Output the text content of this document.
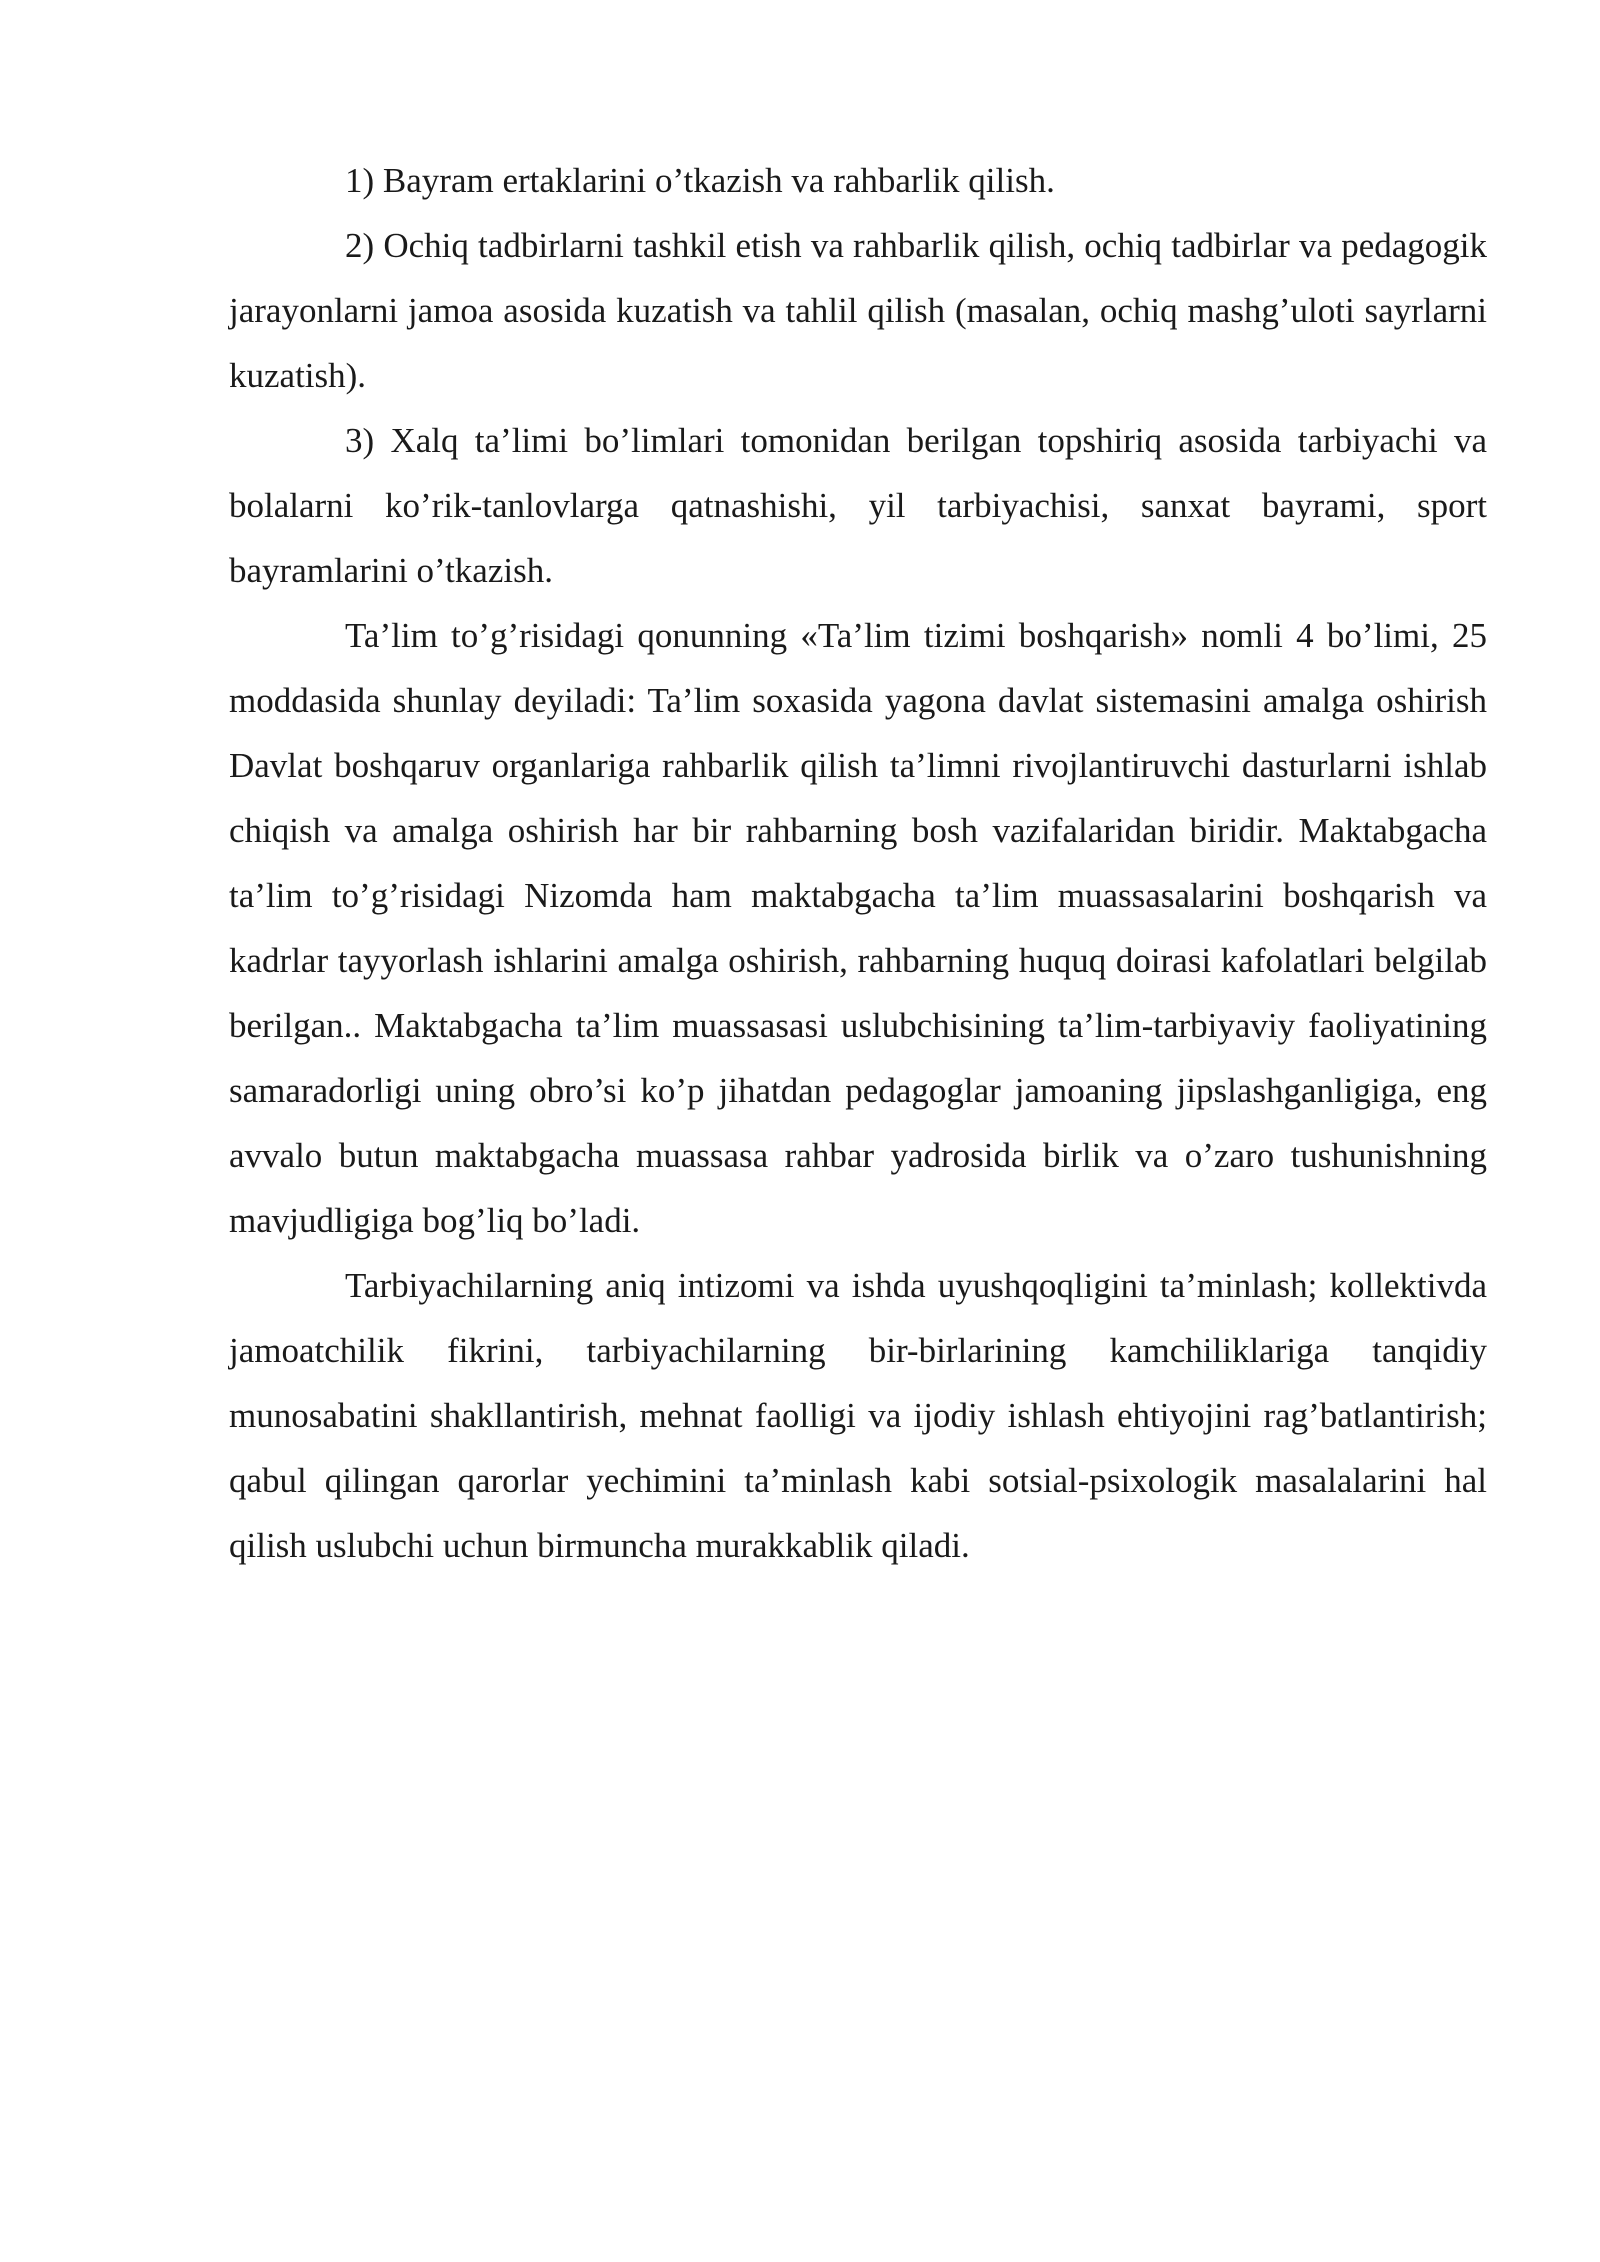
1) Bayram ertaklarini o’tkazish va rahbarlik qilish.

2) Ochiq tadbirlarni tashkil etish va rahbarlik qilish, ochiq tadbirlar va pedagogik jarayonlarni jamoa asosida kuzatish va tahlil qilish (masalan, ochiq mashg’uloti sayrlarni kuzatish).

3) Xalq ta’limi bo’limlari tomonidan berilgan topshiriq asosida tarbiyachi va bolalarni ko’rik-tanlovlarga qatnashishi, yil tarbiyachisi, sanxat bayrami, sport bayramlarini o’tkazish.

Ta’lim to’g’risidagi qonunning «Ta’lim tizimi boshqarish» nomli 4 bo’limi, 25 moddasida shunlay deyiladi: Ta’lim soxasida yagona davlat sistemasini amalga oshirish Davlat boshqaruv organlariga rahbarlik qilish ta’limni rivojlantiruvchi dasturlarni ishlab chiqish va amalga oshirish har bir rahbarning bosh vazifalaridan biridir. Maktabgacha ta’lim to’g’risidagi Nizomda ham maktabgacha ta’lim muassasalarini boshqarish va kadrlar tayyorlash ishlarini amalga oshirish, rahbarning huquq doirasi kafolatlari belgilab berilgan.. Maktabgacha ta’lim muassasasi uslubchisining ta’lim-tarbiyaviy faoliyatining samaradorligi uning obro’si ko’p jihatdan pedagoglar jamoaning jipslashganligiga, eng avvalo butun maktabgacha muassasa rahbar yadrosida birlik va o’zaro tushunishning mavjudligiga bog’liq bo’ladi.

Tarbiyachilarning aniq intizomi va ishda uyushqoqligini ta’minlash; kollektivda jamoatchilik fikrini, tarbiyachilarning bir-birlarining kamchiliklariga tanqidiy munosabatini shakllantirish, mehnat faolligi va ijodiy ishlash ehtiyojini rag’batlantirish; qabul qilingan qarorlar yechimini ta’minlash kabi sotsial-psixologik masalalarini hal qilish uslubchi uchun birmuncha murakkablik qiladi.
